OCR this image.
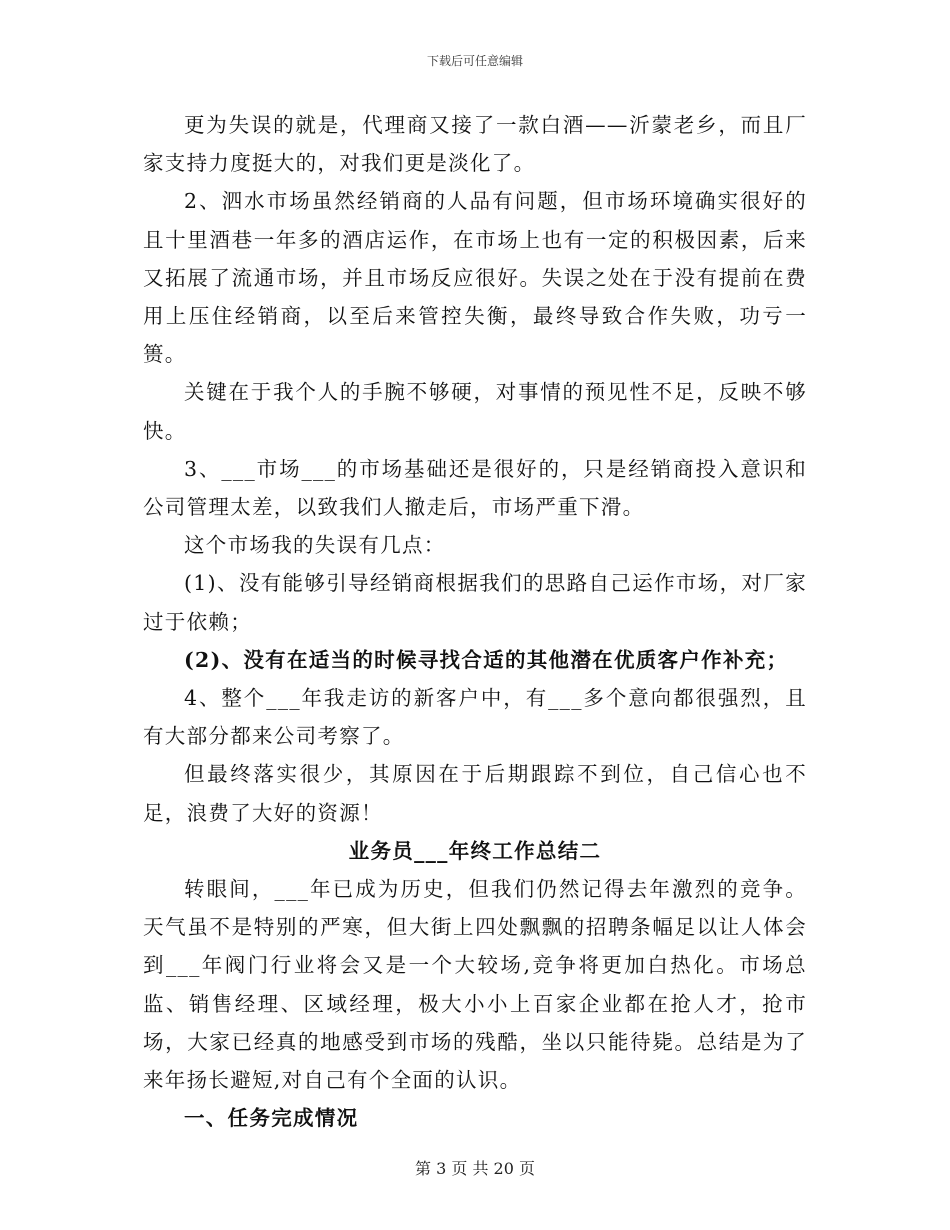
下载后可任意编辑

更为失误的就是，代理商又接了一款白酒——沂蒙老乡，而且厂家支持力度挺大的，对我们更是淡化了。

2、泗水市场虽然经销商的人品有问题，但市场环境确实很好的且十里酒巷一年多的酒店运作，在市场上也有一定的积极因素，后来又拓展了流通市场，并且市场反应很好。失误之处在于没有提前在费用上压住经销商，以至后来管控失衡，最终导致合作失败，功亏一篑。

关键在于我个人的手腕不够硬，对事情的预见性不足，反映不够快。

3、___市场___的市场基础还是很好的，只是经销商投入意识和公司管理太差，以致我们人撤走后，市场严重下滑。

这个市场我的失误有几点：

(1)、没有能够引导经销商根据我们的思路自己运作市场，对厂家过于依赖；

(2)、没有在适当的时候寻找合适的其他潜在优质客户作补充；

4、整个___年我走访的新客户中，有___多个意向都很强烈，且有大部分都来公司考察了。

但最终落实很少，其原因在于后期跟踪不到位，自己信心也不足，浪费了大好的资源！

业务员___年终工作总结二

转眼间，___年已成为历史，但我们仍然记得去年激烈的竞争。天气虽不是特别的严寒，但大街上四处飘飘的招聘条幅足以让人体会到___年阀门行业将会又是一个大较场,竞争将更加白热化。市场总监、销售经理、区域经理，极大小小上百家企业都在抢人才，抢市场，大家已经真的地感受到市场的残酷，坐以只能待毙。总结是为了来年扬长避短,对自己有个全面的认识。

一、任务完成情况

第 3 页 共 20 页
